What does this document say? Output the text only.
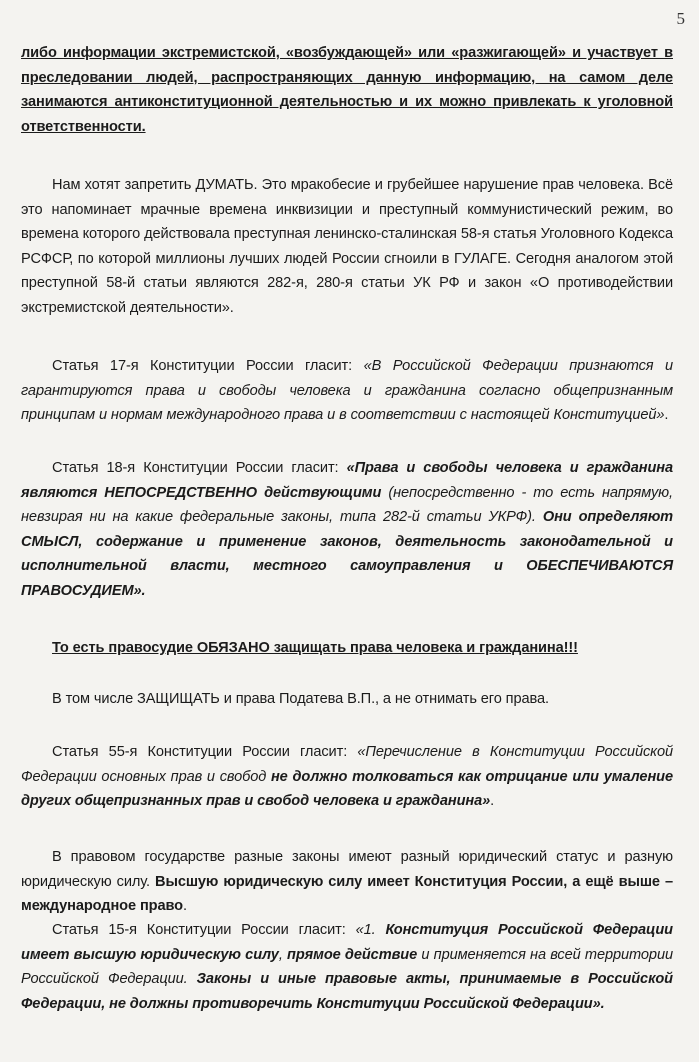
5

либо информации экстремистской, «возбуждающей» или «разжигающей» и участвует в преследовании людей, распространяющих данную информацию, на самом деле занимаются антиконституционной деятельностью и их можно привлекать к уголовной ответственности.

Нам хотят запретить ДУМАТЬ. Это мракобесие и грубейшее нарушение прав человека. Всё это напоминает мрачные времена инквизиции и преступный коммунистический режим, во времена которого действовала преступная ленинско-сталинская 58-я статья Уголовного Кодекса РСФСР, по которой миллионы лучших людей России сгноили в ГУЛАГЕ. Сегодня аналогом этой преступной 58-й статьи являются 282-я, 280-я статьи УК РФ и закон «О противодействии экстремистской деятельности».

Статья 17-я Конституции России гласит: «В Российской Федерации признаются и гарантируются права и свободы человека и гражданина согласно общепризнанным принципам и нормам международного права и в соответствии с настоящей Конституцией».

Статья 18-я Конституции России гласит: «Права и свободы человека и гражданина являются НЕПОСРЕДСТВЕННО действующими (непосредственно - то есть напрямую, невзирая ни на какие федеральные законы, типа 282-й статьи УКРФ). Они определяют СМЫСЛ, содержание и применение законов, деятельность законодательной и исполнительной власти, местного самоуправления и ОБЕСПЕЧИВАЮТСЯ ПРАВОСУДИЕМ».

То есть правосудие ОБЯЗАНО защищать права человека и гражданина!!!

В том числе ЗАЩИЩАТЬ и права Податева В.П., а не отнимать его права.

Статья 55-я Конституции России гласит: «Перечисление в Конституции Российской Федерации основных прав и свобод не должно толковаться как отрицание или умаление других общепризнанных прав и свобод человека и гражданина».

В правовом государстве разные законы имеют разный юридический статус и разную юридическую силу. Высшую юридическую силу имеет Конституция России, а ещё выше – международное право.

Статья 15-я Конституции России гласит: «1. Конституция Российской Федерации имеет высшую юридическую силу, прямое действие и применяется на всей территории Российской Федерации. Законы и иные правовые акты, принимаемые в Российской Федерации, не должны противоречить Конституции Российской Федерации».
